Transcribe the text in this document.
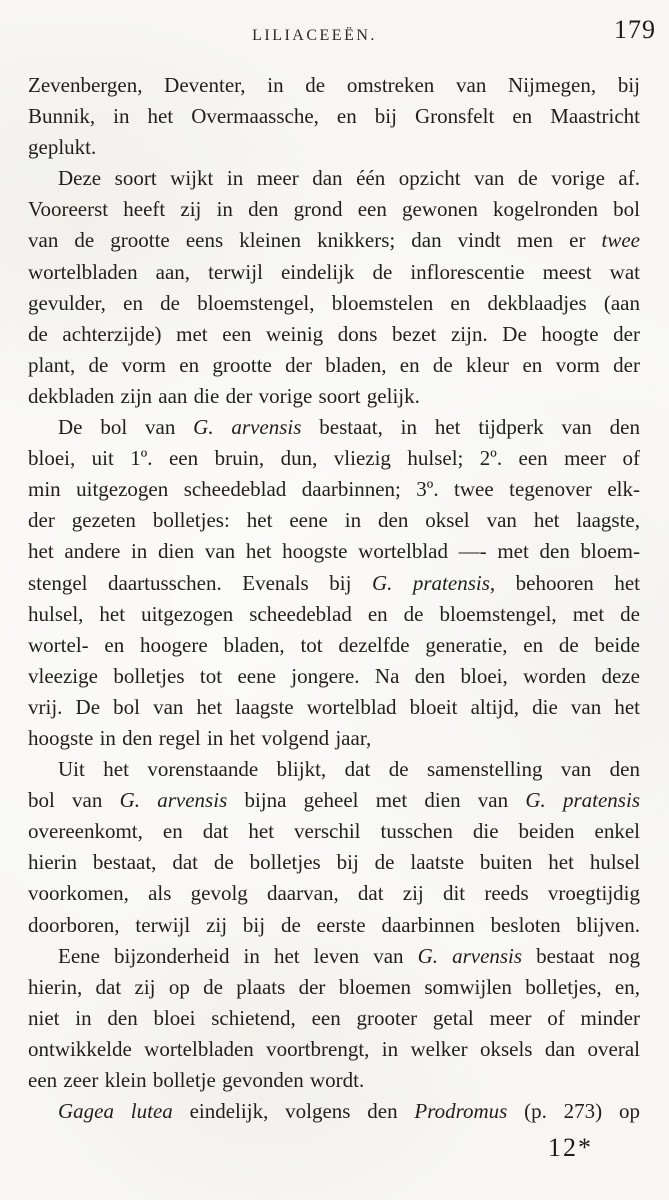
LILIACEEËN.	179
Zevenbergen, Deventer, in de omstreken van Nijmegen, bij
Bunnik, in het Overmaassche, en bij Gronsfelt en Maastricht
geplukt.
Deze soort wijkt in meer dan één opzicht van de vorige af.
Vooreerst heeft zij in den grond een gewonen kogelronden bol
van de grootte eens kleinen knikkers; dan vindt men er twee
wortelbladen aan, terwijl eindelijk de inflorescentie meest wat
gevulder, en de bloemstengel, bloemstelen en dekblaadjes (aan
de achterzijde) met een weinig dons bezet zijn. De hoogte der
plant, de vorm en grootte der bladen, en de kleur en vorm der
dekbladen zijn aan die der vorige soort gelijk.
De bol van G. arvensis bestaat, in het tijdperk van den
bloei, uit 1º. een bruin, dun, vliezig hulsel; 2º. een meer of
min uitgezogen scheedeblad daarbinnen; 3º. twee tegenover elk-
der gezeten bolletjes: het eene in den oksel van het laagste,
het andere in dien van het hoogste wortelblad —- met den bloem-
stengel daartusschen. Evenals bij G. pratensis, behooren het
hulsel, het uitgezogen scheedeblad en de bloemstengel, met de
wortel- en hoogere bladen, tot dezelfde generatie, en de beide
vleezige bolletjes tot eene jongere. Na den bloei, worden deze
vrij. De bol van het laagste wortelblad bloeit altijd, die van het
hoogste in den regel in het volgend jaar,
Uit het vorenstaande blijkt, dat de samenstelling van den
bol van G. arvensis bijna geheel met dien van G. pratensis
overeenkomt, en dat het verschil tusschen die beiden enkel
hierin bestaat, dat de bolletjes bij de laatste buiten het hulsel
voorkomen, als gevolg daarvan, dat zij dit reeds vroegtijdig
doorboren, terwijl zij bij de eerste daarbinnen besloten blijven.
Eene bijzonderheid in het leven van G. arvensis bestaat nog
hierin, dat zij op de plaats der bloemen somwijlen bolletjes, en,
niet in den bloei schietend, een grooter getal meer of minder
ontwikkelde wortelbladen voortbrengt, in welker oksels dan overal
een zeer klein bolletje gevonden wordt.
Gagea lutea eindelijk, volgens den Prodromus (p. 273) op
12*
